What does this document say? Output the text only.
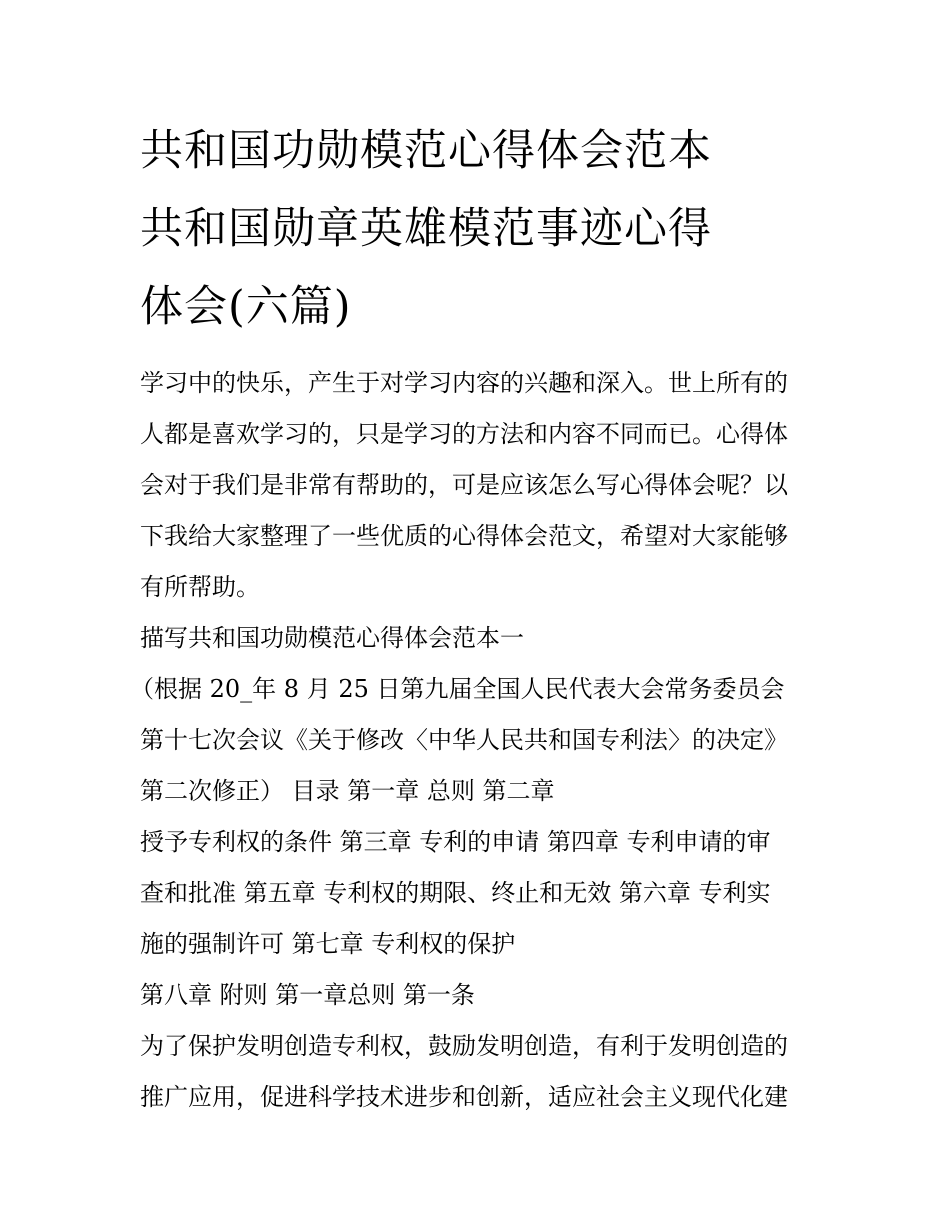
共和国功勋模范心得体会范本
共和国勋章英雄模范事迹心得
体会(六篇)
学习中的快乐，产生于对学习内容的兴趣和深入。世上所有的
人都是喜欢学习的，只是学习的方法和内容不同而已。心得体
会对于我们是非常有帮助的，可是应该怎么写心得体会呢？以
下我给大家整理了一些优质的心得体会范文，希望对大家能够
有所帮助。
描写共和国功勋模范心得体会范本一
（根据 20_年 8 月 25 日第九届全国人民代表大会常务委员会
第十七次会议《关于修改〈中华人民共和国专利法〉的决定》
第二次修正） 目录 第一章 总则 第二章
授予专利权的条件 第三章 专利的申请 第四章 专利申请的审
查和批准 第五章 专利权的期限、终止和无效 第六章 专利实
施的强制许可 第七章 专利权的保护
第八章 附则 第一章总则 第一条
为了保护发明创造专利权，鼓励发明创造，有利于发明创造的
推广应用，促进科学技术进步和创新，适应社会主义现代化建
